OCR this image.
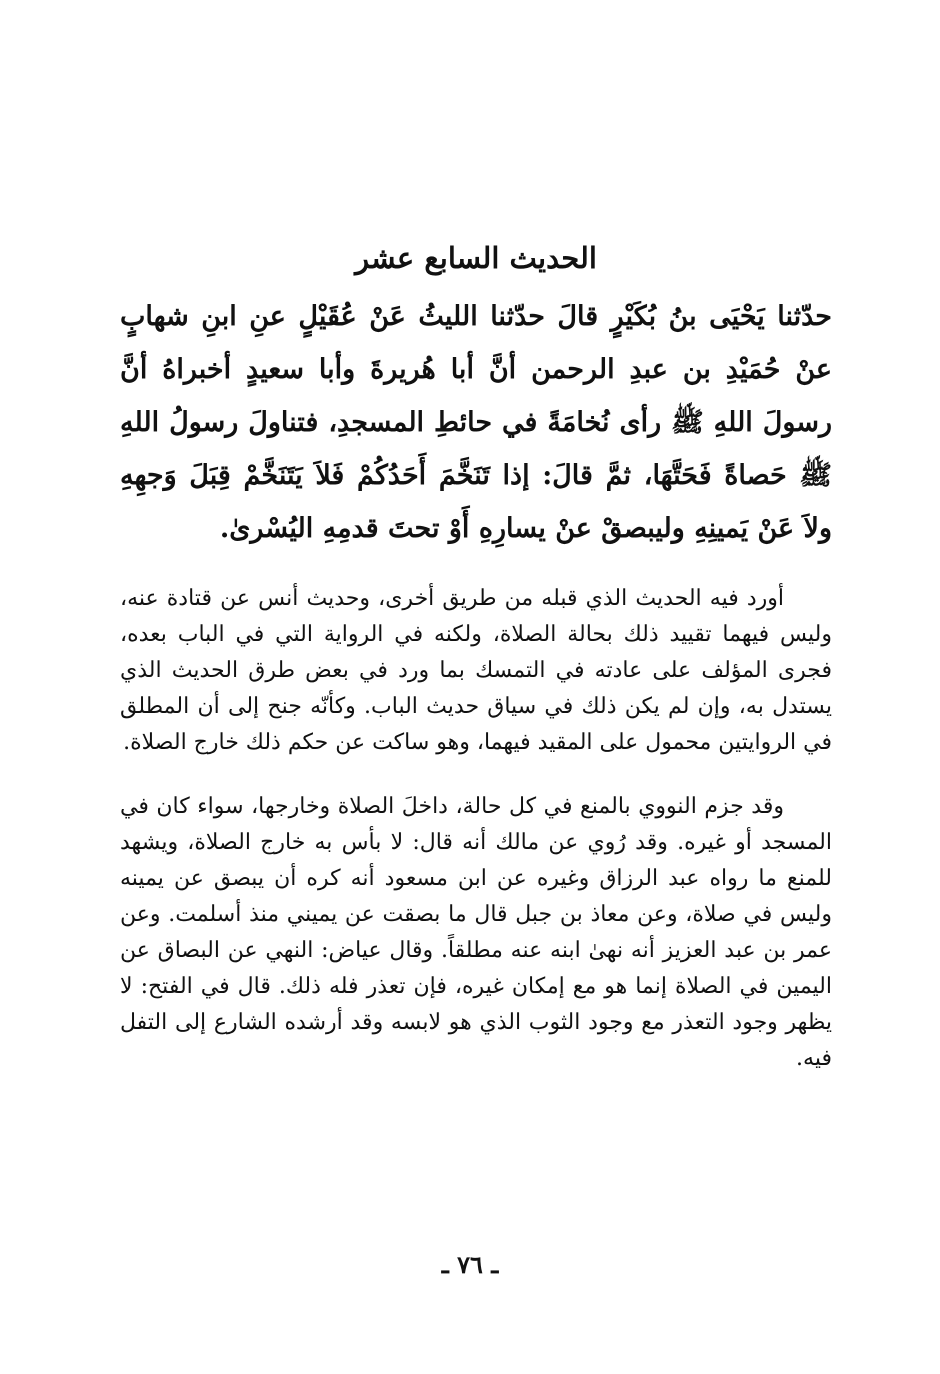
الحديث السابع عشر

حدّثنا يَحْيَى بنُ بُكَيْرٍ قالَ حدّثنا الليثُ عَنْ عُقَيْلٍ عنِ ابنِ شهابٍ عنْ حُمَيْدِ بن عبدِ الرحمن أنَّ أبا هُريرةَ وأبا سعيدٍ أخبراهُ أنَّ رسولَ اللهِ ﷺ رأى نُخامَةً في حائطِ المسجدِ، فتناولَ رسولُ اللهِ ﷺ حَصاةً فَحَتَّهَا، ثمَّ قالَ: إذا تَنَخَّمَ أَحَدُكُمْ فَلاَ يَتَنَخَّمْ قِبَلَ وَجهِهِ ولاَ عَنْ يَمينِهِ وليبصقْ عنْ يسارِهِ أَوْ تحتَ قدمِهِ اليُسْرىٰ.

أورد فيه الحديث الذي قبله من طريق أخرى، وحديث أنس عن قتادة عنه، وليس فيهما تقييد ذلك بحالة الصلاة، ولكنه في الرواية التي في الباب بعده، فجرى المؤلف على عادته في التمسك بما ورد في بعض طرق الحديث الذي يستدل به، وإن لم يكن ذلك في سياق حديث الباب. وكأنّه جنح إلى أن المطلق في الروايتين محمول على المقيد فيهما، وهو ساكت عن حكم ذلك خارج الصلاة.

وقد جزم النووي بالمنع في كل حالة، داخلَ الصلاة وخارجها، سواء كان في المسجد أو غيره. وقد رُوي عن مالك أنه قال: لا بأس به خارج الصلاة، ويشهد للمنع ما رواه عبد الرزاق وغيره عن ابن مسعود أنه كره أن يبصق عن يمينه وليس في صلاة، وعن معاذ بن جبل قال ما بصقت عن يميني منذ أسلمت. وعن عمر بن عبد العزيز أنه نهىٰ ابنه عنه مطلقاً. وقال عياض: النهي عن البصاق عن اليمين في الصلاة إنما هو مع إمكان غيره، فإن تعذر فله ذلك. قال في الفتح: لا يظهر وجود التعذر مع وجود الثوب الذي هو لابسه وقد أرشده الشارع إلى التفل فيه.

ـ ٧٦ ـ
